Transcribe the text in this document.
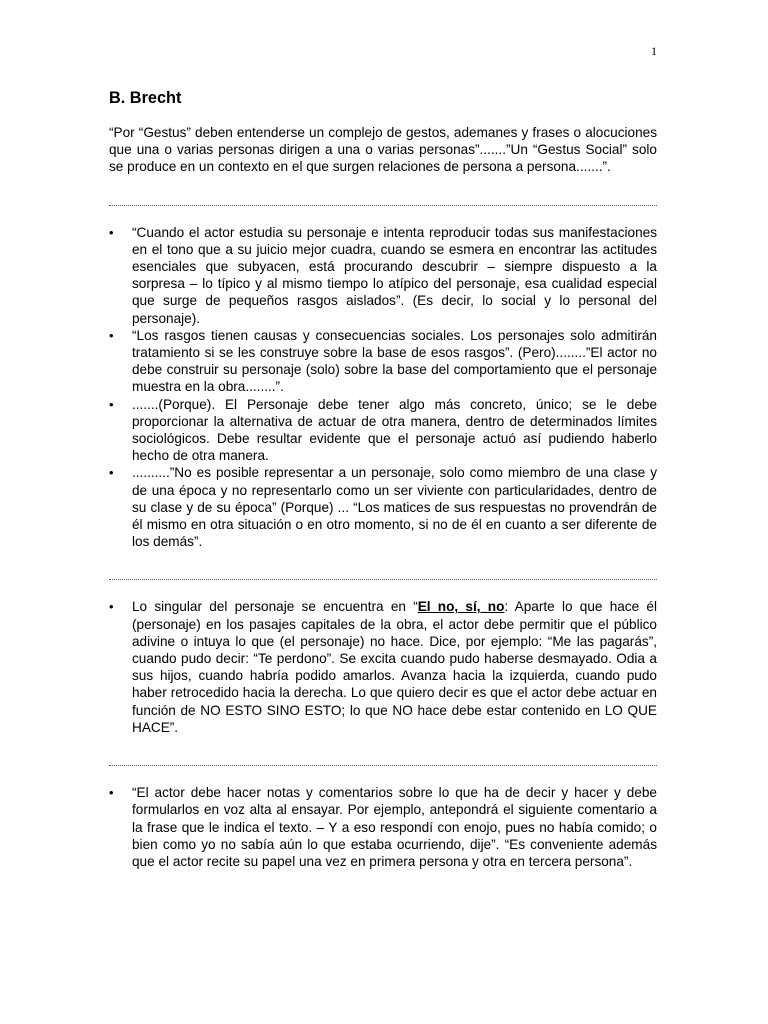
1
B. Brecht

“Por “Gestus” deben entenderse un complejo de gestos, ademanes y frases o alocuciones que una o varias personas dirigen a una o varias personas”.......”Un “Gestus Social” solo se produce en un contexto en el que surgen relaciones de persona a persona.......”.

• “Cuando el actor estudia su personaje e intenta reproducir todas sus manifestaciones en el tono que a su juicio mejor cuadra, cuando se esmera en encontrar las actitudes esenciales que subyacen, está procurando descubrir – siempre dispuesto a la sorpresa – lo típico y al mismo tiempo lo atípico del personaje, esa cualidad especial que surge de pequeños rasgos aislados”. (Es decir, lo social y lo personal del personaje).
• “Los rasgos tienen causas y consecuencias sociales. Los personajes solo admitirán tratamiento si se les construye sobre la base de esos rasgos”. (Pero)........”El actor no debe construir su personaje (solo) sobre la base del comportamiento que el personaje muestra en la obra........”.
• .......(Porque). El Personaje debe tener algo más concreto, único; se le debe proporcionar la alternativa de actuar de otra manera, dentro de determinados límites sociológicos. Debe resultar evidente que el personaje actuó así pudiendo haberlo hecho de otra manera.
• ..........”No es posible representar a un personaje, solo como miembro de una clase y de una época y no representarlo como un ser viviente con particularidades, dentro de su clase y de su época” (Porque) ... “Los matices de sus respuestas no provendrán de él mismo en otra situación o en otro momento, si no de él en cuanto a ser diferente de los demás”.
• Lo singular del personaje se encuentra en “El no, sí, no: Aparte lo que hace él (personaje) en los pasajes capitales de la obra, el actor debe permitir que el público adivine o intuya lo que (el personaje) no hace. Dice, por ejemplo: “Me las pagarás”, cuando pudo decir: “Te perdono”. Se excita cuando pudo haberse desmayado. Odia a sus hijos, cuando habría podido amarlos. Avanza hacia la izquierda, cuando pudo haber retrocedido hacia la derecha. Lo que quiero decir es que el actor debe actuar en función de NO ESTO SINO ESTO; lo que NO hace debe estar contenido en LO QUE HACE”.
• “El actor debe hacer notas y comentarios sobre lo que ha de decir y hacer y debe formularlos en voz alta al ensayar. Por ejemplo, antepondrá el siguiente comentario a la frase que le indica el texto. – Y a eso respondí con enojo, pues no había comido; o bien como yo no sabía aún lo que estaba ocurriendo, dije”. “Es conveniente además que el actor recite su papel una vez en primera persona y otra en tercera persona”.
